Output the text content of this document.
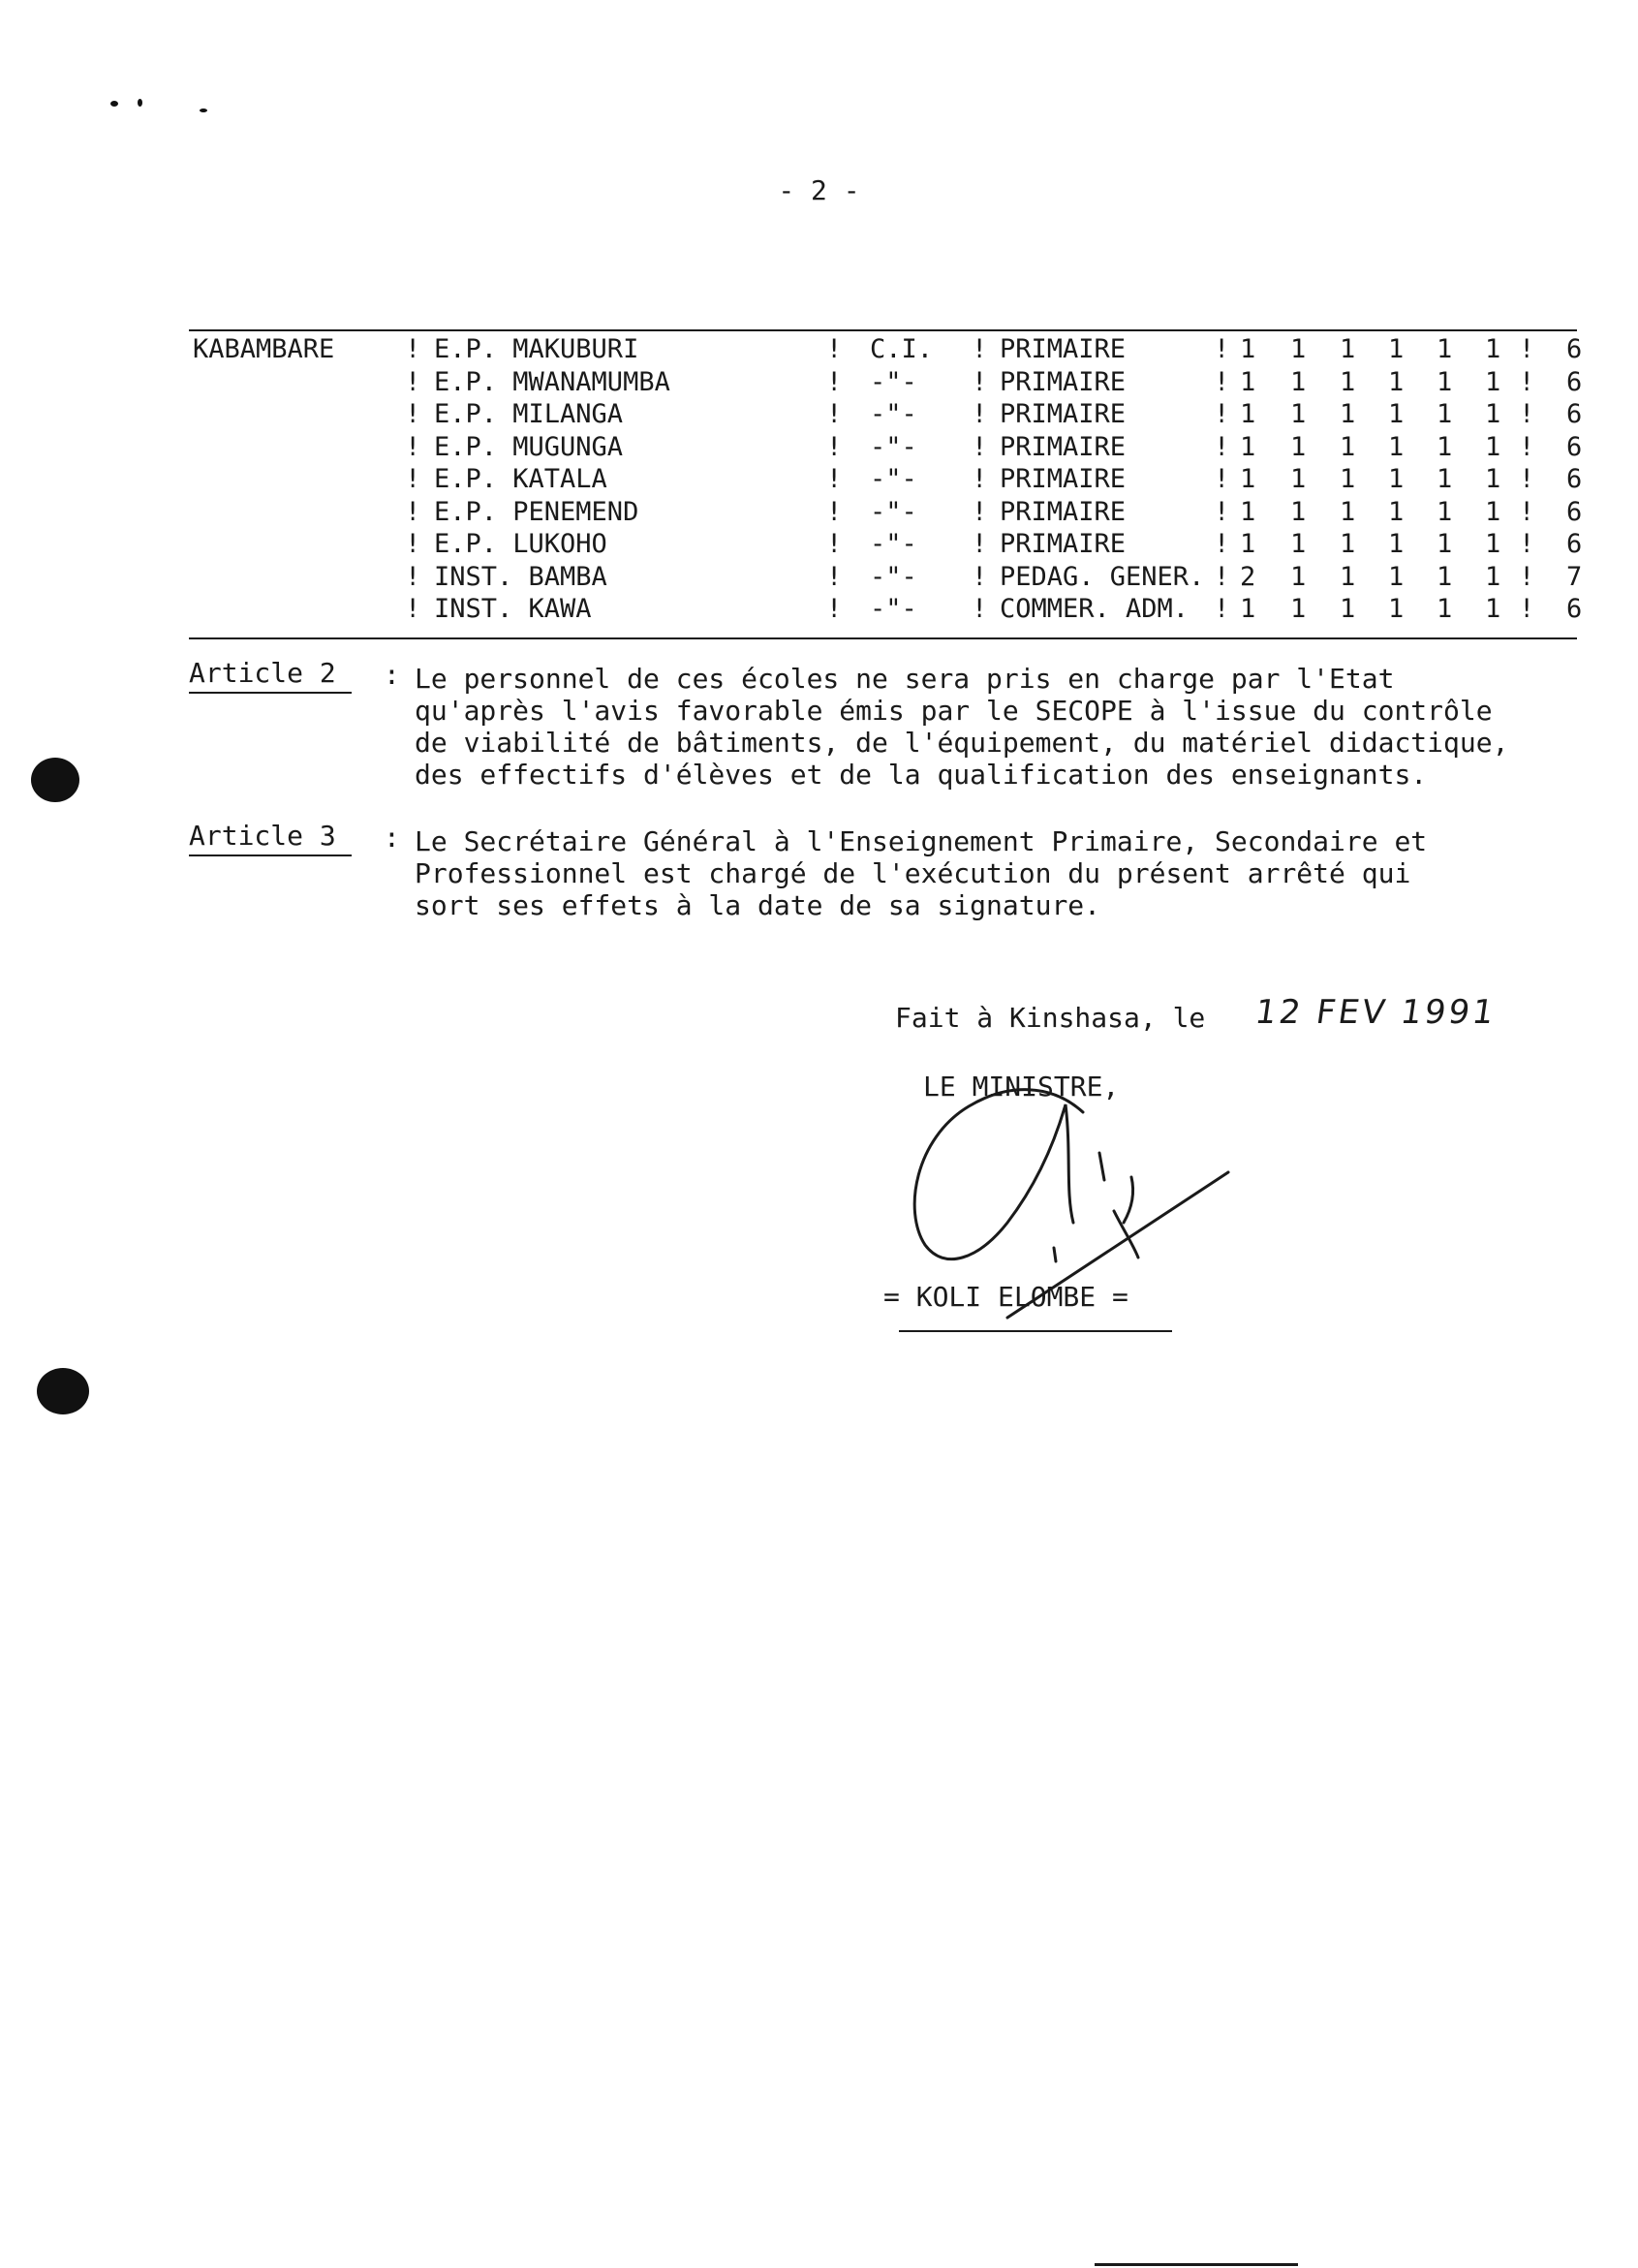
- 2 -
KABAMBARE	! E.P. MAKUBURI	! C.I. ! PRIMAIRE	! 1 1 1 1 1 1 ! 6
! E.P. MWANAMUMBA	! -"- ! PRIMAIRE	! 1 1 1 1 1 1 ! 6
! E.P. MILANGA	! -"- ! PRIMAIRE	! 1 1 1 1 1 1 ! 6
! E.P. MUGUNGA	! -"- ! PRIMAIRE	! 1 1 1 1 1 1 ! 6
! E.P. KATALA	! -"- ! PRIMAIRE	! 1 1 1 1 1 1 ! 6
! E.P. PENEMEND	! -"- ! PRIMAIRE	! 1 1 1 1 1 1 ! 6
! E.P. LUKOHO	! -"- ! PRIMAIRE	! 1 1 1 1 1 1 ! 6
! INST. BAMBA	! -"- ! PEDAG. GENER. ! 2 1 1 1 1 1 ! 7
! INST. KAWA	! -"- ! COMMER. ADM. ! 1 1 1 1 1 1 ! 6
Article 2 : Le personnel de ces écoles ne sera pris en charge par l'Etat
qu'après l'avis favorable émis par le SECOPE à l'issue du contrôle
de viabilité de bâtiments, de l'équipement, du matériel didactique,
des effectifs d'élèves et de la qualification des enseignants.
Article 3 : Le Secrétaire Général à l'Enseignement Primaire, Secondaire et
Professionnel est chargé de l'exécution du présent arrêté qui
sort ses effets à la date de sa signature.
Fait à Kinshasa, le 12 FEV 1991
LE MINISTRE,
= KOLI ELOMBE =
